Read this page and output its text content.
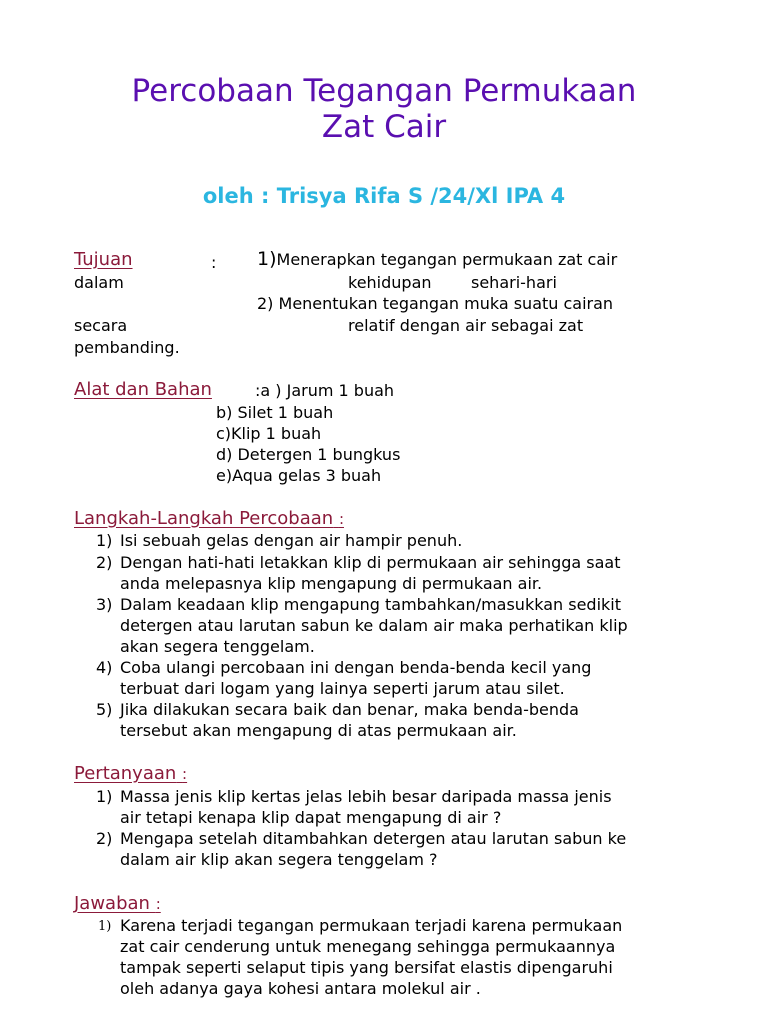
Percobaan Tegangan Permukaan
Zat Cair
oleh : Trisya Rifa S /24/Xl IPA 4
Tujuan	: 1)Menerapkan tegangan permukaan zat cair
dalam	kehidupan sehari-hari
2) Menentukan tegangan muka suatu cairan
secara	relatif dengan air sebagai zat
pembanding.
Alat dan Bahan	:a ) Jarum 1 buah
b) Silet 1 buah
c)Klip 1 buah
d) Detergen 1 bungkus
e)Aqua gelas 3 buah
Langkah-Langkah Percobaan :
1) Isi sebuah gelas dengan air hampir penuh.
2) Dengan hati-hati letakkan klip di permukaan air sehingga saat
anda melepasnya klip mengapung di permukaan air.
3) Dalam keadaan klip mengapung tambahkan/masukkan sedikit
detergen atau larutan sabun ke dalam air maka perhatikan klip
akan segera tenggelam.
4) Coba ulangi percobaan ini dengan benda-benda kecil yang
terbuat dari logam yang lainya seperti jarum atau silet.
5) Jika dilakukan secara baik dan benar, maka benda-benda
tersebut akan mengapung di atas permukaan air.
Pertanyaan :
1) Massa jenis klip kertas jelas lebih besar daripada massa jenis
air tetapi kenapa klip dapat mengapung di air ?
2) Mengapa setelah ditambahkan detergen atau larutan sabun ke
dalam air klip akan segera tenggelam ?
Jawaban :
1) Karena terjadi tegangan permukaan terjadi karena permukaan
zat cair cenderung untuk menegang sehingga permukaannya
tampak seperti selaput tipis yang bersifat elastis dipengaruhi
oleh adanya gaya kohesi antara molekul air .
